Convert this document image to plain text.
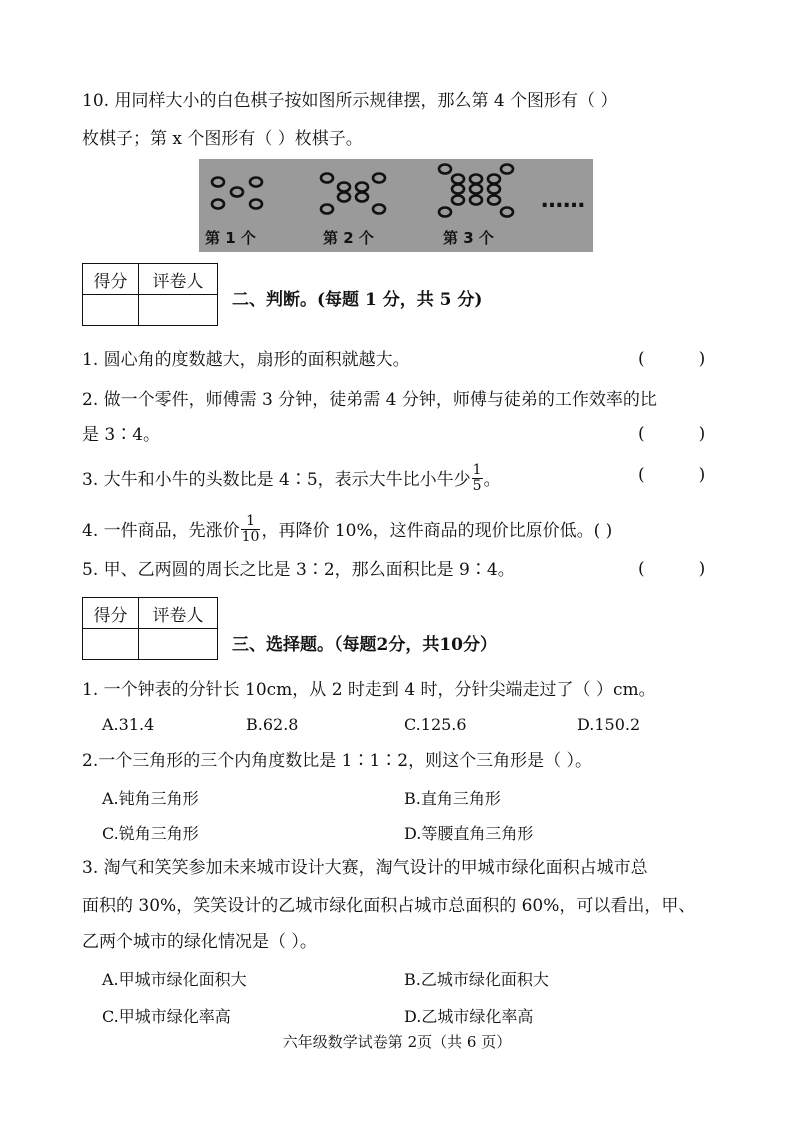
10. 用同样大小的白色棋子按如图所示规律摆，那么第 4 个图形有（ ）
枚棋子；第 x 个图形有（ ）枚棋子。
……
第 1 个	第 2 个	第 3 个
得分	评卷人

二、判断。(每题 1 分，共 5 分)
1. 圆心角的度数越大，扇形的面积就越大。	(          )
2. 做一个零件，师傅需 3 分钟，徒弟需 4 分钟，师傅与徒弟的工作效率的比
是 3∶4。	(          )
3. 大牛和小牛的头数比是 4∶5，表示大牛比小牛少 $\frac{1}{5}$ 。	(          )
4. 一件商品，先涨价 $\frac{1}{10}$ ，再降价 10%，这件商品的现价比原价低。( )
5. 甲、乙两圆的周长之比是 3∶2，那么面积比是 9∶4。	(          )
得分	评卷人

三、选择题。（每题2分，共10分）
1. 一个钟表的分针长 10cm，从 2 时走到 4 时，分针尖端走过了（ ）cm。
A.31.4	B.62.8	C.125.6	D.150.2
2.一个三角形的三个内角度数比是 1∶1∶2，则这个三角形是（ ）。
A.钝角三角形	B.直角三角形
C.锐角三角形	D.等腰直角三角形
3. 淘气和笑笑参加未来城市设计大赛，淘气设计的甲城市绿化面积占城市总
面积的 30%，笑笑设计的乙城市绿化面积占城市总面积的 60%，可以看出，甲、
乙两个城市的绿化情况是（ ）。
A.甲城市绿化面积大	B.乙城市绿化面积大
C.甲城市绿化率高	D.乙城市绿化率高
六年级数学试卷第 2页（共 6 页）
